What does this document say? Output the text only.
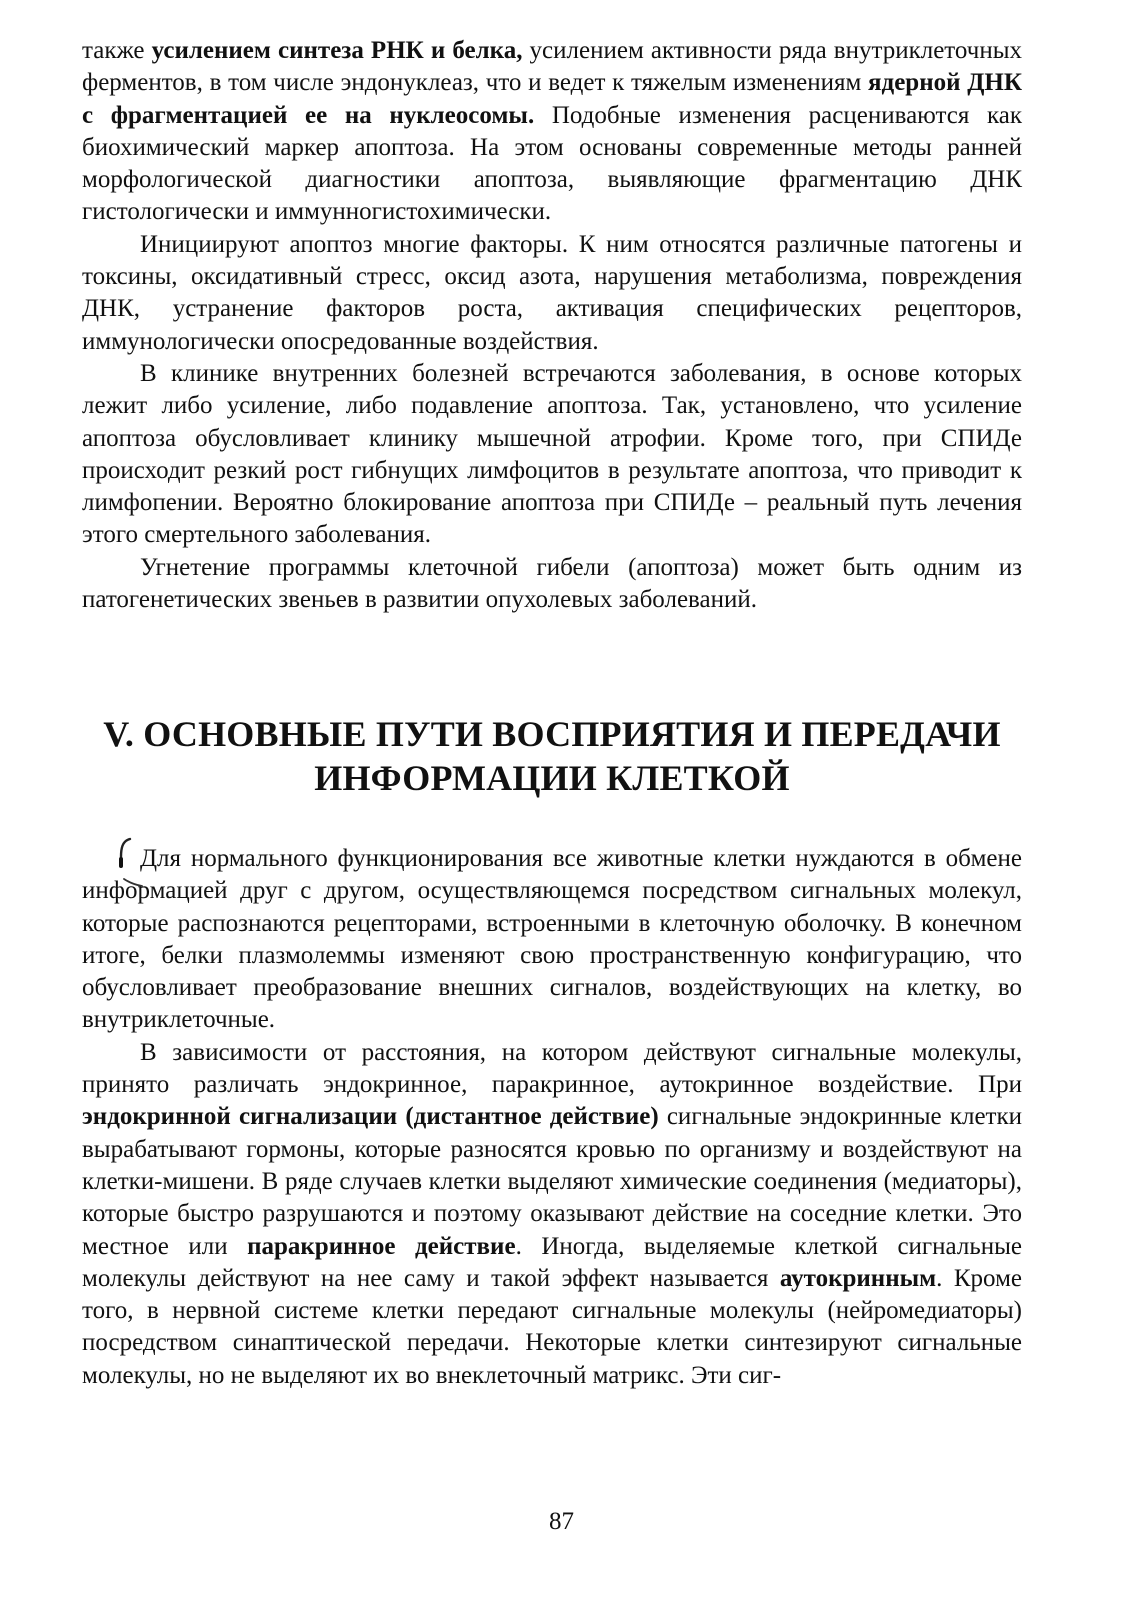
также усилением синтеза РНК и белка, усилением активности ряда внутриклеточных ферментов, в том числе эндонуклеаз, что и ведет к тяжелым изменениям ядерной ДНК с фрагментацией ее на нуклеосомы. Подобные изменения расцениваются как биохимический маркер апоптоза. На этом основаны современные методы ранней морфологической диагностики апоптоза, выявляющие фрагментацию ДНК гистологически и иммунногистохимически.

Инициируют апоптоз многие факторы. К ним относятся различные патогены и токсины, оксидативный стресс, оксид азота, нарушения метаболизма, повреждения ДНК, устранение факторов роста, активация специфических рецепторов, иммунологически опосредованные воздействия.

В клинике внутренних болезней встречаются заболевания, в основе которых лежит либо усиление, либо подавление апоптоза. Так, установлено, что усиление апоптоза обусловливает клинику мышечной атрофии. Кроме того, при СПИДе происходит резкий рост гибнущих лимфоцитов в результате апоптоза, что приводит к лимфопении. Вероятно блокирование апоптоза при СПИДе – реальный путь лечения этого смертельного заболевания.

Угнетение программы клеточной гибели (апоптоза) может быть одним из патогенетических звеньев в развитии опухолевых заболеваний.

V. ОСНОВНЫЕ ПУТИ ВОСПРИЯТИЯ И ПЕРЕДАЧИ
ИНФОРМАЦИИ КЛЕТКОЙ

Для нормального функционирования все животные клетки нуждаются в обмене информацией друг с другом, осуществляющемся посредством сигнальных молекул, которые распознаются рецепторами, встроенными в клеточную оболочку. В конечном итоге, белки плазмолеммы изменяют свою пространственную конфигурацию, что обусловливает преобразование внешних сигналов, воздействующих на клетку, во внутриклеточные.

В зависимости от расстояния, на котором действуют сигнальные молекулы, принято различать эндокринное, паракринное, аутокринное воздействие. При эндокринной сигнализации (дистантное действие) сигнальные эндокринные клетки вырабатывают гормоны, которые разносятся кровью по организму и воздействуют на клетки-мишени. В ряде случаев клетки выделяют химические соединения (медиаторы), которые быстро разрушаются и поэтому оказывают действие на соседние клетки. Это местное или паракринное действие. Иногда, выделяемые клеткой сигнальные молекулы действуют на нее саму и такой эффект называется аутокринным. Кроме того, в нервной системе клетки передают сигнальные молекулы (нейромедиаторы) посредством синаптической передачи. Некоторые клетки синтезируют сигнальные молекулы, но не выделяют их во внеклеточный матрикс. Эти сиг-

87
